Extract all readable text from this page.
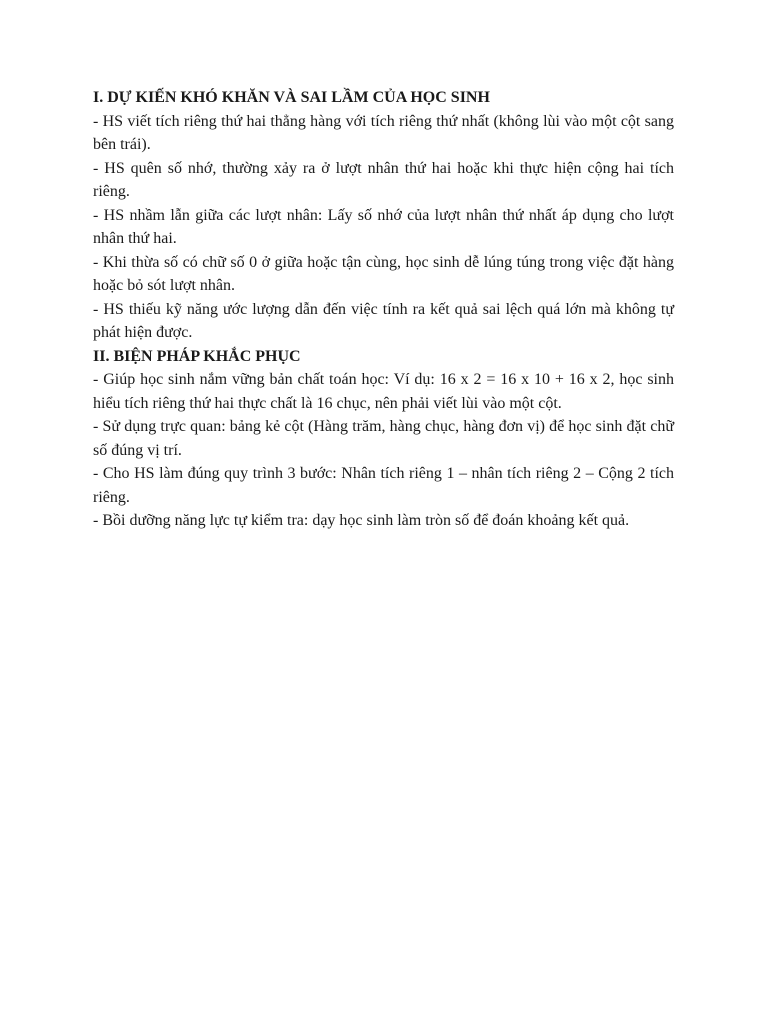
I. DỰ KIẾN KHÓ KHĂN VÀ SAI LẦM CỦA HỌC SINH

- HS viết tích riêng thứ hai thẳng hàng với tích riêng thứ nhất (không lùi vào một cột sang bên trái).

- HS quên số nhớ, thường xảy ra ở lượt nhân thứ hai hoặc khi thực hiện cộng hai tích riêng.

- HS nhầm lẫn giữa các lượt nhân: Lấy số nhớ của lượt nhân thứ nhất áp dụng cho lượt nhân thứ hai.

- Khi thừa số có chữ số 0 ở giữa hoặc tận cùng, học sinh dễ lúng túng trong việc đặt hàng hoặc bỏ sót lượt nhân.

- HS thiếu kỹ năng ước lượng dẫn đến việc tính ra kết quả sai lệch quá lớn mà không tự phát hiện được.

II. BIỆN PHÁP KHẮC PHỤC

- Giúp học sinh nắm vững bản chất toán học: Ví dụ: 16 x 2 = 16 x 10 + 16 x 2, học sinh hiểu tích riêng thứ hai thực chất là 16 chục, nên phải viết lùi vào một cột.

- Sử dụng trực quan: bảng kẻ cột (Hàng trăm, hàng chục, hàng đơn vị) để học sinh đặt chữ số đúng vị trí.

- Cho HS làm đúng quy trình 3 bước: Nhân tích riêng 1 – nhân tích riêng 2 – Cộng 2 tích riêng.

- Bồi dưỡng năng lực tự kiểm tra: dạy học sinh làm tròn số để đoán khoảng kết quả.
